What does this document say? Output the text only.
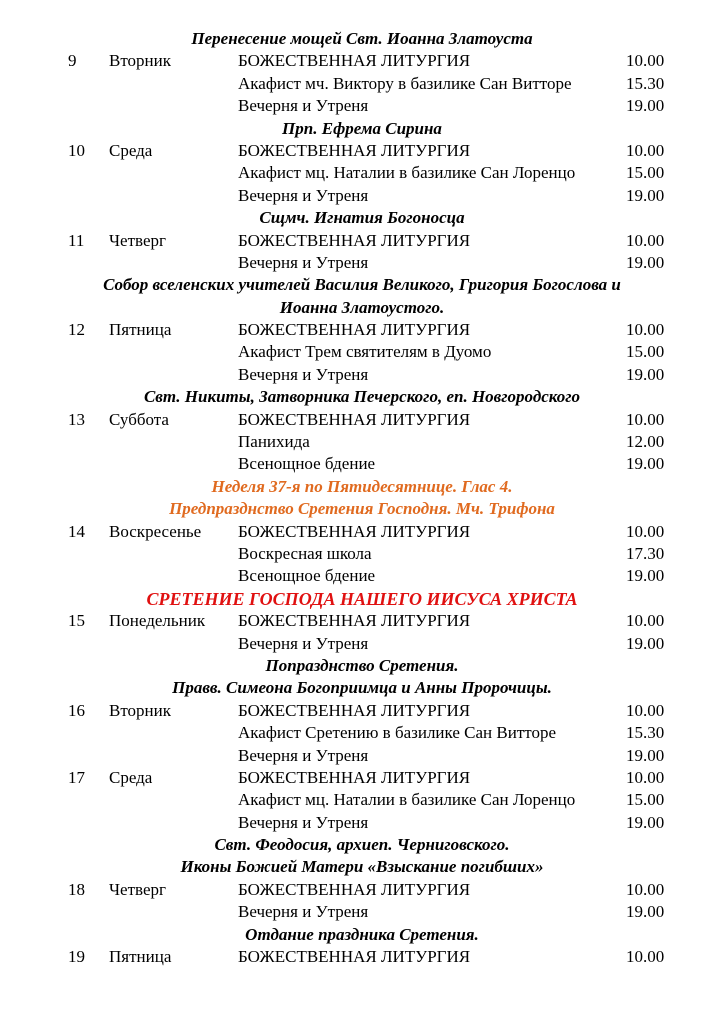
Перенесение мощей Свт. Иоанна Златоуста
9 Вторник	БОЖЕСТВЕННАЯ ЛИТУРГИЯ	10.00
Акафист мч. Виктору в базилике Сан Витторе	15.30
Вечерня и Утреня	19.00
Прп. Ефрема Сирина
10 Среда	БОЖЕСТВЕННАЯ ЛИТУРГИЯ	10.00
Акафист мц. Наталии в базилике Сан Лоренцо	15.00
Вечерня и Утреня	19.00
Сщмч. Игнатия Богоносца
11 Четверг	БОЖЕСТВЕННАЯ ЛИТУРГИЯ	10.00
Вечерня и Утреня	19.00
Собор вселенских учителей Василия Великого, Григория Богослова и
Иоанна Златоустого.
12 Пятница	БОЖЕСТВЕННАЯ ЛИТУРГИЯ	10.00
Акафист Трем святителям в Дуомо	15.00
Вечерня и Утреня	19.00
Свт. Никиты, Затворника Печерского, еп. Новгородского
13 Суббота	БОЖЕСТВЕННАЯ ЛИТУРГИЯ	10.00
Панихида	12.00
Всенощное бдение	19.00
Неделя 37-я по Пятидесятнице. Глас 4.
Предпразднство Сретения Господня. Мч. Трифона
14 Воскресенье БОЖЕСТВЕННАЯ ЛИТУРГИЯ	10.00
Воскресная школа	17.30
Всенощное бдение	19.00
СРЕТЕНИЕ ГОСПОДА НАШЕГО ИИСУСА ХРИСТА
15 Понедельник БОЖЕСТВЕННАЯ ЛИТУРГИЯ	10.00
Вечерня и Утреня	19.00
Попразднство Сретения.
Правв. Симеона Богоприимца и Анны Пророчицы.
16 Вторник	БОЖЕСТВЕННАЯ ЛИТУРГИЯ	10.00
Акафист Сретению в базилике Сан Витторе	15.30
Вечерня и Утреня	19.00
17 Среда	БОЖЕСТВЕННАЯ ЛИТУРГИЯ	10.00
Акафист мц. Наталии в базилике Сан Лоренцо	15.00
Вечерня и Утреня	19.00
Свт. Феодосия, архиеп. Черниговского.
Иконы Божией Матери «Взыскание погибших»
18 Четверг	БОЖЕСТВЕННАЯ ЛИТУРГИЯ	10.00
Вечерня и Утреня	19.00
Отдание праздника Сретения.
19 Пятница	БОЖЕСТВЕННАЯ ЛИТУРГИЯ	10.00
